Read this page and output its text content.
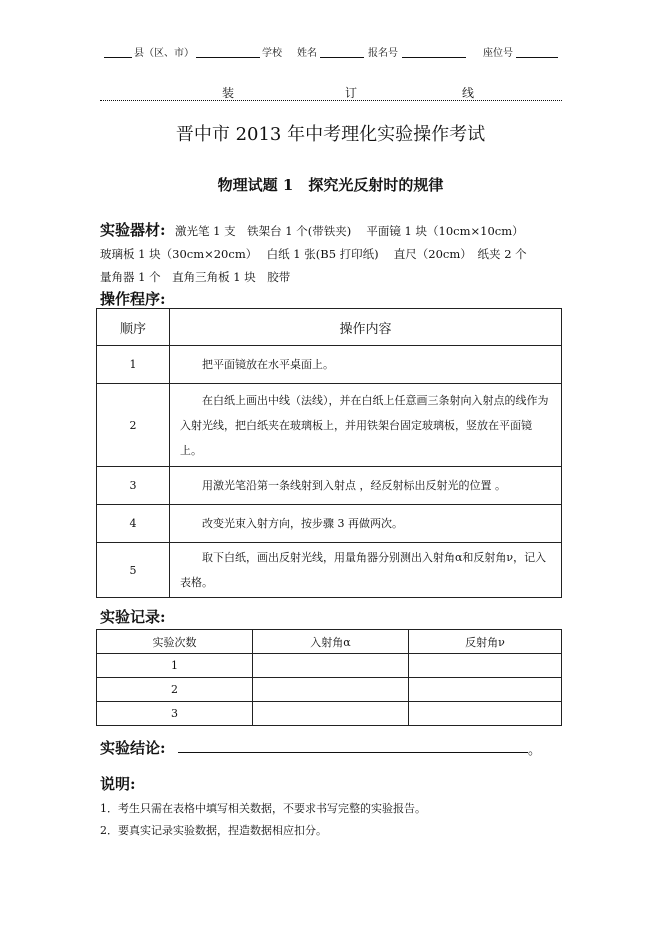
县（区、市）	学校 姓名	报名号	座位号
装	订	线
晋中市 2013 年中考理化实验操作考试
物理试题 1　探究光反射时的规律
实验器材: 激光笔 1 支　铁架台 1 个(带铁夹)　 平面镜 1 块（10cm×10cm）
玻璃板 1 块（30cm×20cm）　 白纸 1 张(B5 打印纸)　 直尺（20cm）　纸夹 2 个
量角器 1 个　直角三角板 1 块　胶带
操作程序:
顺序	操作内容
1	把平面镜放在水平桌面上。
2	在白纸上画出中线（法线），并在白纸上任意画三条射向入射点的线作为入射光线，把白纸夹在玻璃板上，并用铁架台固定玻璃板，竖放在平面镜上。
3	用激光笔沿第一条线射到入射点 ，经反射标出反射光的位置 。
4	改变光束入射方向，按步骤 3 再做两次。
5	取下白纸，画出反射光线，用量角器分别测出入射角α和反射角ν，记入表格。
实验记录:
实验次数	入射角α	反射角ν
1		
2		
3		
实验结论:	。
说明:
1．考生只需在表格中填写相关数据，不要求书写完整的实验报告。
2．要真实记录实验数据，捏造数据相应扣分。
